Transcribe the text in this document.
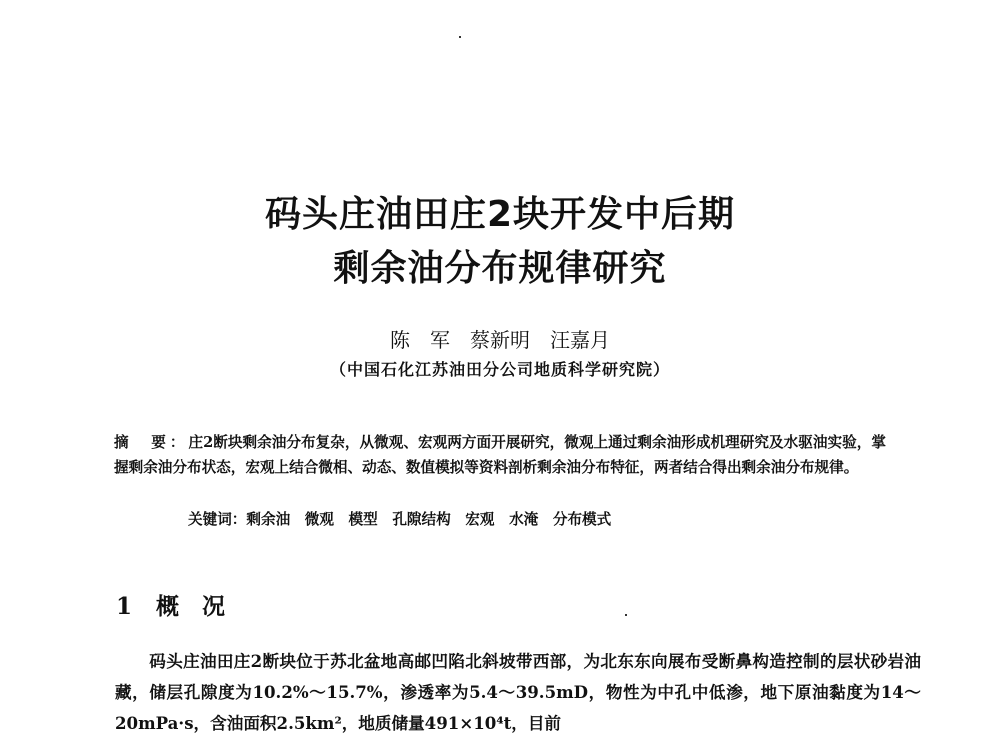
码头庄油田庄2块开发中后期
剩余油分布规律研究
陈　军　蔡新明　汪嘉月
（中国石化江苏油田分公司地质科学研究院）
摘　要：庄2断块剩余油分布复杂，从微观、宏观两方面开展研究，微观上通过剩余油形成机理研究及水驱油实验，掌握剩余油分布状态，宏观上结合微相、动态、数值模拟等资料剖析剩余油分布特征，两者结合得出剩余油分布规律。
关键词：剩余油　微观　模型　孔隙结构　宏观　水淹　分布模式
1 概　况
码头庄油田庄2断块位于苏北盆地高邮凹陷北斜坡带西部，为北东东向展布受断鼻构造控制的层状砂岩油藏，储层孔隙度为10.2%～15.7%，渗透率为5.4～39.5mD，物性为中孔中低渗，地下原油黏度为14～20mPa·s，含油面积2.5km²，地质储量491×10⁴t，目前
